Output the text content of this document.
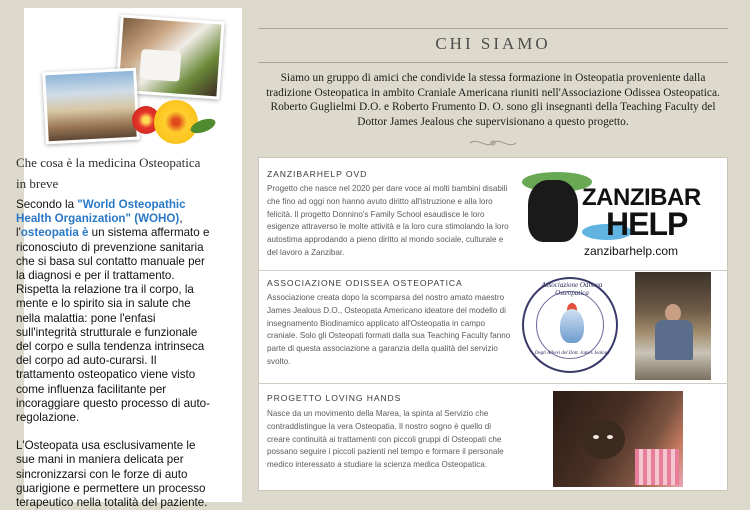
Che cosa è la medicina Osteopatica in breve

Secondo la "World Osteopathic Health Organization" (WOHO), l'osteopatia è un sistema affermato e riconosciuto di prevenzione sanitaria che si basa sul contatto manuale per la diagnosi e per il trattamento. Rispetta la relazione tra il corpo, la mente e lo spirito sia in salute che nella malattia: pone l'enfasi sull'integrità strutturale e funzionale del corpo e sulla tendenza intrinseca del corpo ad auto-curarsi. Il trattamento osteopatico viene visto come influenza facilitante per incoraggiare questo processo di auto-regolazione.

L'Osteopata usa esclusivamente le sue mani in maniera delicata per sincronizzarsi con le forze di auto guarigione e permettere un processo terapeutico nella totalità del paziente.

CHI SIAMO
Siamo un gruppo di amici che condivide la stessa formazione in Osteopatia proveniente dalla tradizione Osteopatica in ambito Craniale Americana riuniti nell'Associazione Odissea Osteopatica. Roberto Guglielmi D.O. e Roberto Frumento D. O. sono gli insegnanti della Teaching Faculty del Dottor James Jealous che supervisionano a questo progetto.
ZANZIBARHELP OVD
Progetto che nasce nel 2020 per dare voce ai molti bambini disabili che fino ad oggi non hanno avuto diritto all'istruzione e alla loro felicità. Il progetto Donnino's Family School esaudisce le loro esigenze attraverso le molte attività e la loro cura stimolando la loro autostima approdando a pieno diritto al mondo sociale, culturale e del lavoro a Zanzibar.
ASSOCIAZIONE ODISSEA OSTEOPATICA
Associazione creata dopo la scomparsa del nostro amato maestro James Jealous D.O., Osteopata Americano ideatore del modello di insegnamento Biodinamico applicato all'Osteopatia in campo craniale. Solo gli Osteopati formati dalla sua Teaching Faculty fanno parte di questa associazione a garanzia della qualità del servizio svolto.
PROGETTO LOVING HANDS
Nasce da un movimento della Marea, la spinta al Servizio che contraddistingue la vera Osteopatia. Il nostro sogno è quello di creare continuità ai trattamenti con piccoli gruppi di Osteopati che possano seguire i piccoli pazienti nel tempo e formare il personale medico interessato a studiare la scienza medica Osteopatica.
ZANZIBAR
HELP
zanzibarhelp.com
Associazione Odissea Osteopatica
Degli Allievi del Dott. James Jealous
